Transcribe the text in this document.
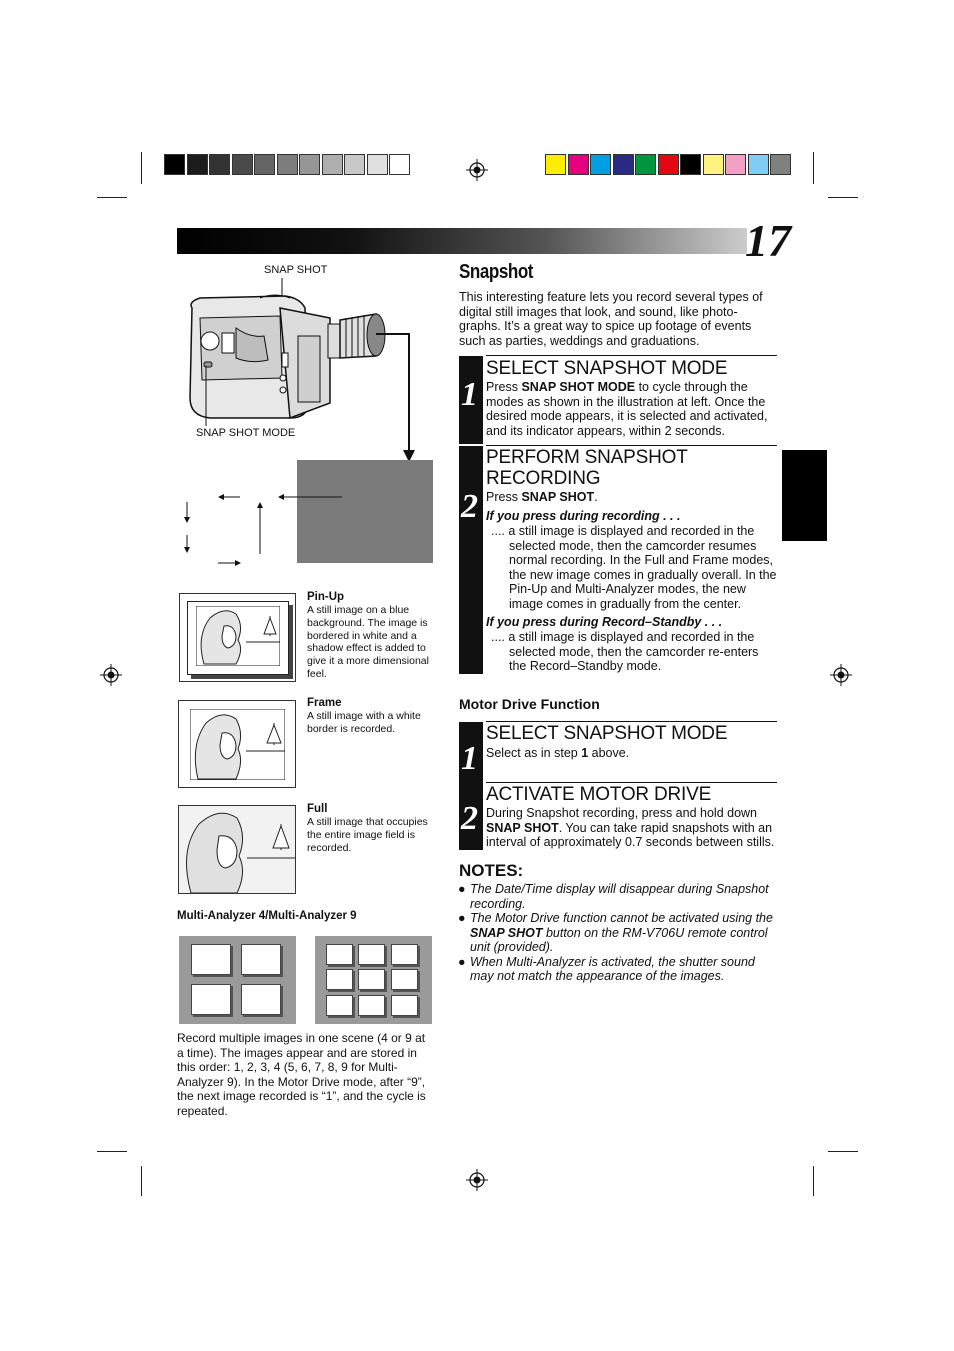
17
SNAP SHOT
SNAP SHOT MODE
Pin-Up
A still image on a blue background. The image is bordered in white and a shadow effect is added to give it a more dimensional feel.
Frame
A still image with a white border is recorded.
Full
A still image that occupies the entire image field is recorded.
Multi-Analyzer 4/Multi-Analyzer 9
Record multiple images in one scene (4 or 9 at a time). The images appear and are stored in this order: 1, 2, 3, 4 (5, 6, 7, 8, 9 for Multi-Analyzer 9). In the Motor Drive mode, after “9”, the next image recorded is “1”, and the cycle is repeated.
Snapshot
This interesting feature lets you record several types of digital still images that look, and sound, like photo-graphs. It’s a great way to spice up footage of events such as parties, weddings and graduations.
1
SELECT SNAPSHOT MODE
Press SNAP SHOT MODE to cycle through the modes as shown in the illustration at left. Once the desired mode appears, it is selected and activated, and its indicator appears, within 2 seconds.
2
PERFORM SNAPSHOT
RECORDING
Press SNAP SHOT.
If you press during recording . . .
.... a still image is displayed and recorded in the selected mode, then the camcorder resumes normal recording. In the Full and Frame modes, the new image comes in gradually overall. In the Pin-Up and Multi-Analyzer modes, the new image comes in gradually from the center.
If you press during Record–Standby . . .
.... a still image is displayed and recorded in the selected mode, then the camcorder re-enters the Record–Standby mode.
Motor Drive Function
1
2
SELECT SNAPSHOT MODE
Select as in step 1 above.
ACTIVATE MOTOR DRIVE
During Snapshot recording, press and hold down SNAP SHOT. You can take rapid snapshots with an interval of approximately 0.7 seconds between stills.
NOTES:
● The Date/Time display will disappear during Snapshot recording.
● The Motor Drive function cannot be activated using the SNAP SHOT button on the RM-V706U remote control unit (provided).
● When Multi-Analyzer is activated, the shutter sound may not match the appearance of the images.
